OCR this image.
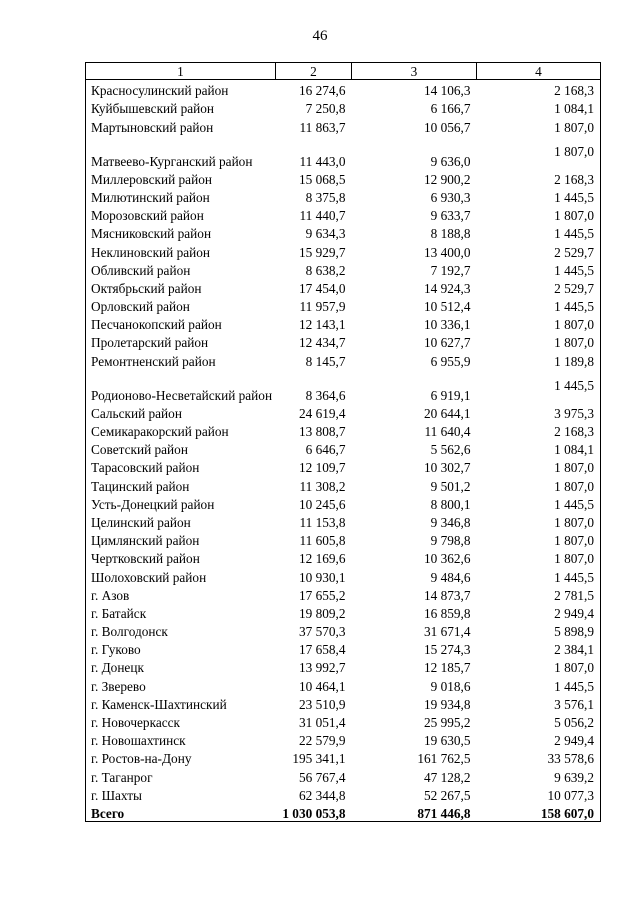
46
1	2	3	4
Красносулинский район	16 274,6	14 106,3	2 168,3
Куйбышевский район	7 250,8	6 166,7	1 084,1
Мартыновский район	11 863,7	10 056,7	1 807,0
Матвеево-Курганский район	11 443,0	9 636,0	1 807,0
Миллеровский район	15 068,5	12 900,2	2 168,3
Милютинский район	8 375,8	6 930,3	1 445,5
Морозовский район	11 440,7	9 633,7	1 807,0
Мясниковский район	9 634,3	8 188,8	1 445,5
Неклиновский район	15 929,7	13 400,0	2 529,7
Обливский район	8 638,2	7 192,7	1 445,5
Октябрьский район	17 454,0	14 924,3	2 529,7
Орловский район	11 957,9	10 512,4	1 445,5
Песчанокопский район	12 143,1	10 336,1	1 807,0
Пролетарский район	12 434,7	10 627,7	1 807,0
Ремонтненский район	8 145,7	6 955,9	1 189,8
Родионово-Несветайский район	8 364,6	6 919,1	1 445,5
Сальский район	24 619,4	20 644,1	3 975,3
Семикаракорский район	13 808,7	11 640,4	2 168,3
Советский район	6 646,7	5 562,6	1 084,1
Тарасовский район	12 109,7	10 302,7	1 807,0
Тацинский район	11 308,2	9 501,2	1 807,0
Усть-Донецкий район	10 245,6	8 800,1	1 445,5
Целинский район	11 153,8	9 346,8	1 807,0
Цимлянский район	11 605,8	9 798,8	1 807,0
Чертковский район	12 169,6	10 362,6	1 807,0
Шолоховский район	10 930,1	9 484,6	1 445,5
г. Азов	17 655,2	14 873,7	2 781,5
г. Батайск	19 809,2	16 859,8	2 949,4
г. Волгодонск	37 570,3	31 671,4	5 898,9
г. Гуково	17 658,4	15 274,3	2 384,1
г. Донецк	13 992,7	12 185,7	1 807,0
г. Зверево	10 464,1	9 018,6	1 445,5
г. Каменск-Шахтинский	23 510,9	19 934,8	3 576,1
г. Новочеркасск	31 051,4	25 995,2	5 056,2
г. Новошахтинск	22 579,9	19 630,5	2 949,4
г. Ростов-на-Дону	195 341,1	161 762,5	33 578,6
г. Таганрог	56 767,4	47 128,2	9 639,2
г. Шахты	62 344,8	52 267,5	10 077,3
Всего	1 030 053,8	871 446,8	158 607,0
